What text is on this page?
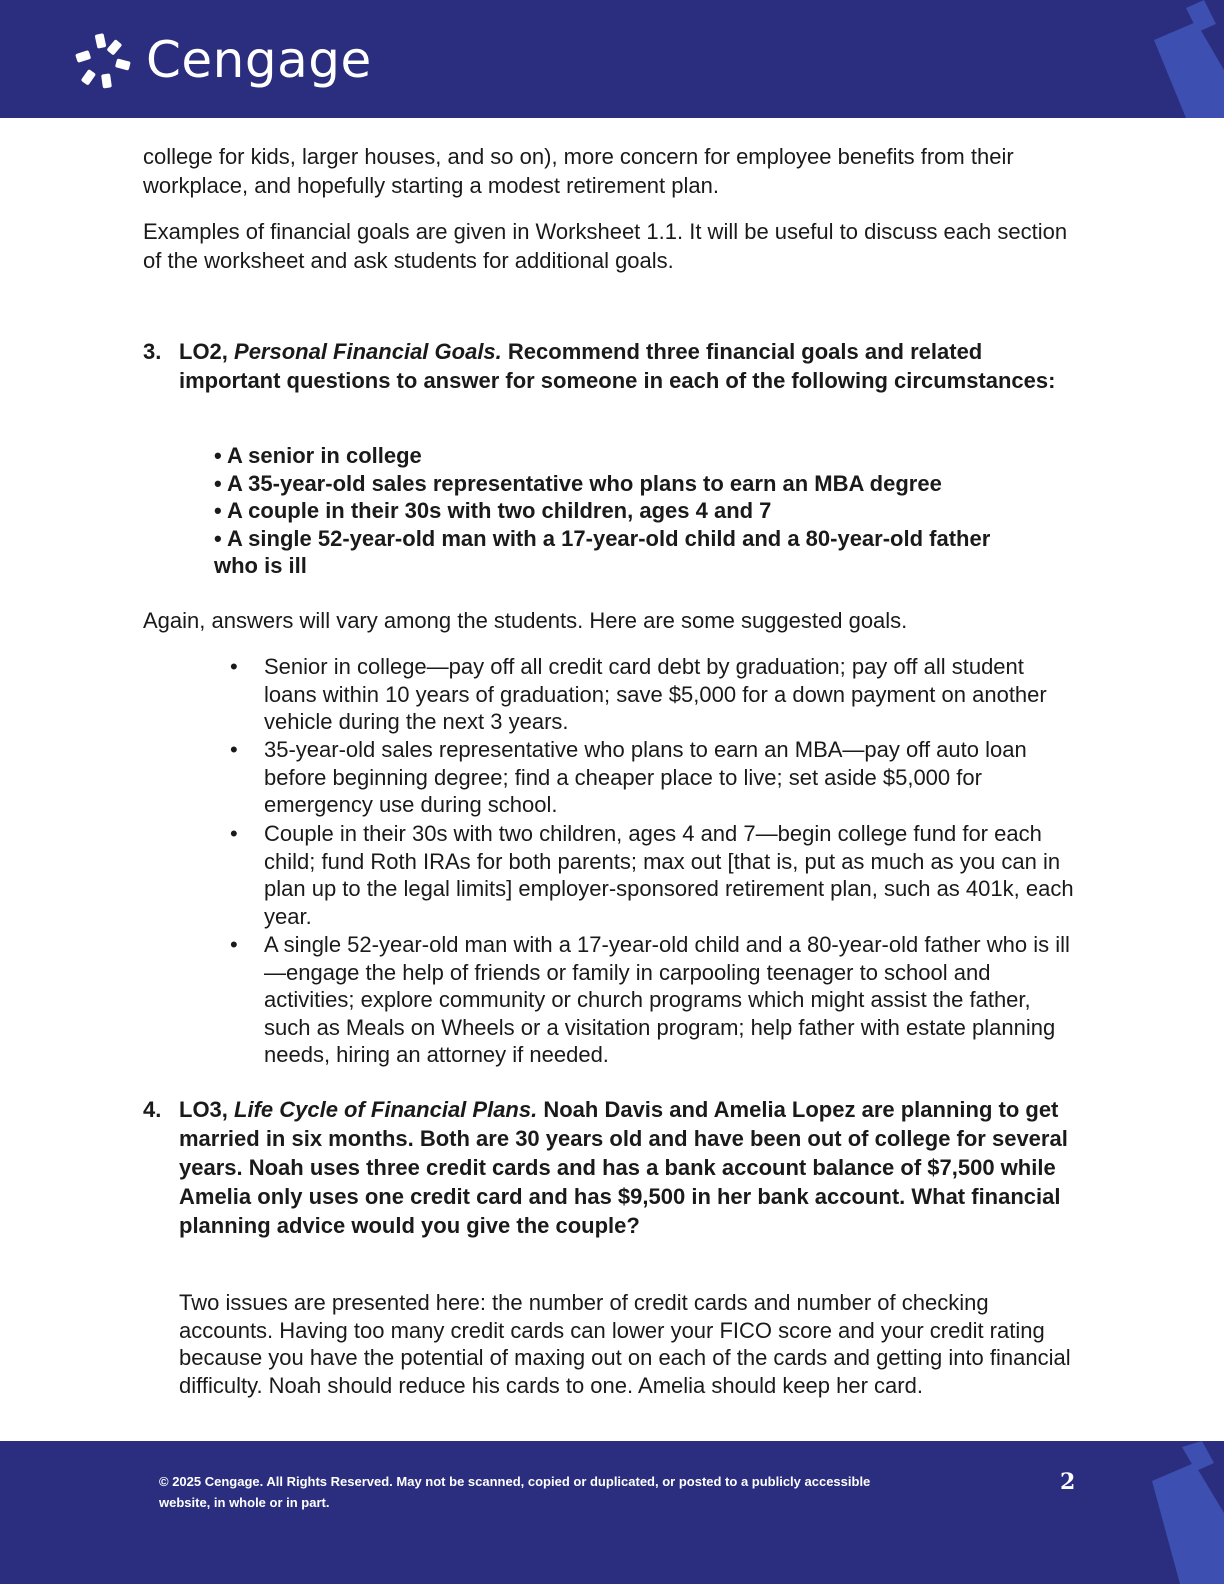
Cengage

college for kids, larger houses, and so on), more concern for employee benefits from their workplace, and hopefully starting a modest retirement plan.

Examples of financial goals are given in Worksheet 1.1. It will be useful to discuss each section of the worksheet and ask students for additional goals.

3. LO2, Personal Financial Goals. Recommend three financial goals and related important questions to answer for someone in each of the following circumstances:
• A senior in college
• A 35-year-old sales representative who plans to earn an MBA degree
• A couple in their 30s with two children, ages 4 and 7
• A single 52-year-old man with a 17-year-old child and a 80-year-old father
who is ill

Again, answers will vary among the students. Here are some suggested goals.

• Senior in college—pay off all credit card debt by graduation; pay off all student loans within 10 years of graduation; save $5,000 for a down payment on another vehicle during the next 3 years.
• 35-year-old sales representative who plans to earn an MBA—pay off auto loan before beginning degree; find a cheaper place to live; set aside $5,000 for emergency use during school.
• Couple in their 30s with two children, ages 4 and 7—begin college fund for each child; fund Roth IRAs for both parents; max out [that is, put as much as you can in plan up to the legal limits] employer-sponsored retirement plan, such as 401k, each year.
• A single 52-year-old man with a 17-year-old child and a 80-year-old father who is ill—engage the help of friends or family in carpooling teenager to school and activities; explore community or church programs which might assist the father, such as Meals on Wheels or a visitation program; help father with estate planning needs, hiring an attorney if needed.
4. LO3, Life Cycle of Financial Plans. Noah Davis and Amelia Lopez are planning to get married in six months. Both are 30 years old and have been out of college for several years. Noah uses three credit cards and has a bank account balance of $7,500 while Amelia only uses one credit card and has $9,500 in her bank account. What financial planning advice would you give the couple?

Two issues are presented here: the number of credit cards and number of checking accounts. Having too many credit cards can lower your FICO score and your credit rating because you have the potential of maxing out on each of the cards and getting into financial difficulty. Noah should reduce his cards to one. Amelia should keep her card.

© 2025 Cengage. All Rights Reserved. May not be scanned, copied or duplicated, or posted to a publicly accessible website, in whole or in part.
2
